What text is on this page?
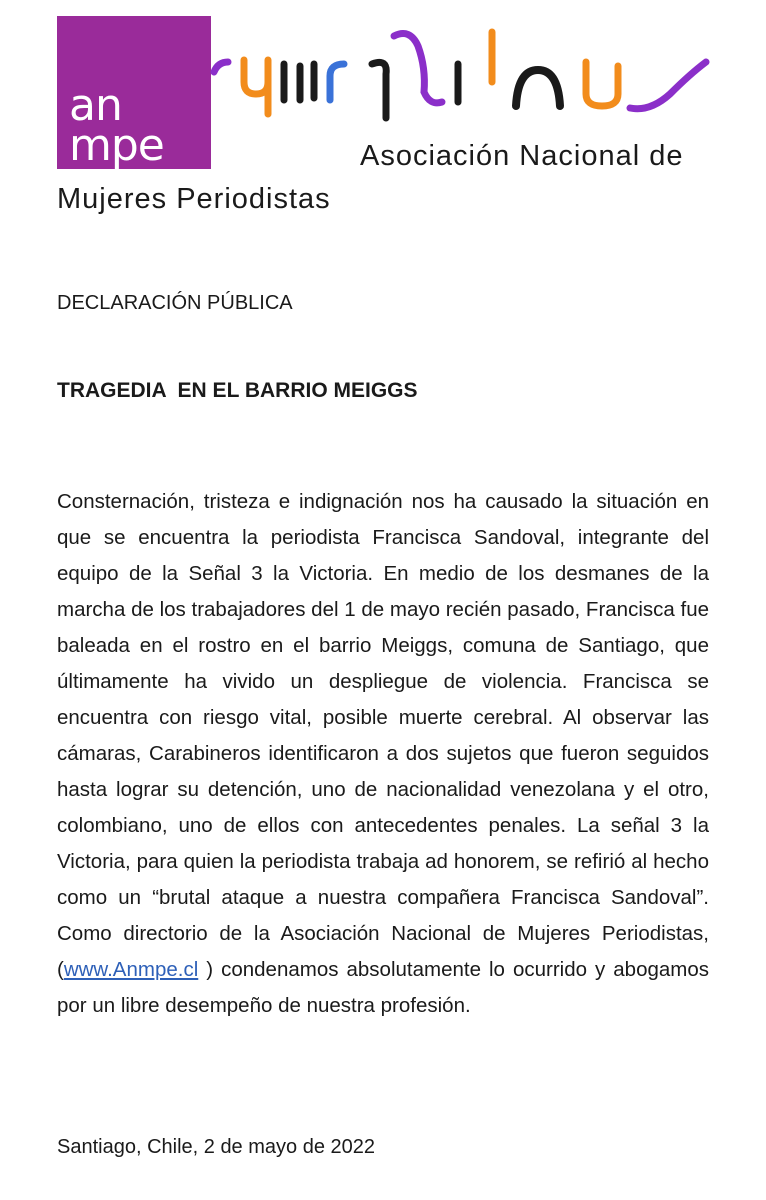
an
mpe	Asociación Nacional de
Mujeres Periodistas
DECLARACIÓN PÚBLICA
TRAGEDIA  EN EL BARRIO MEIGGS
Consternación, tristeza e indignación nos ha causado la situación en que se encuentra la periodista Francisca Sandoval, integrante del equipo de la Señal 3 la Victoria. En medio de los desmanes de la marcha de los trabajadores del 1 de mayo recién pasado, Francisca fue baleada en el rostro en el barrio Meiggs, comuna de Santiago, que últimamente ha vivido un despliegue de violencia. Francisca se encuentra con riesgo vital, posible muerte cerebral. Al observar las cámaras, Carabineros identificaron a dos sujetos que fueron seguidos hasta lograr su detención, uno de nacionalidad venezolana y el otro, colombiano, uno de ellos con antecedentes penales. La señal 3 la Victoria, para quien la periodista trabaja ad honorem, se refirió al hecho como un “brutal ataque a nuestra compañera Francisca Sandoval”. Como directorio de la Asociación Nacional de Mujeres Periodistas, (www.Anmpe.cl ) condenamos absolutamente lo ocurrido y abogamos por un libre desempeño de nuestra profesión.
Santiago, Chile, 2 de mayo de 2022
